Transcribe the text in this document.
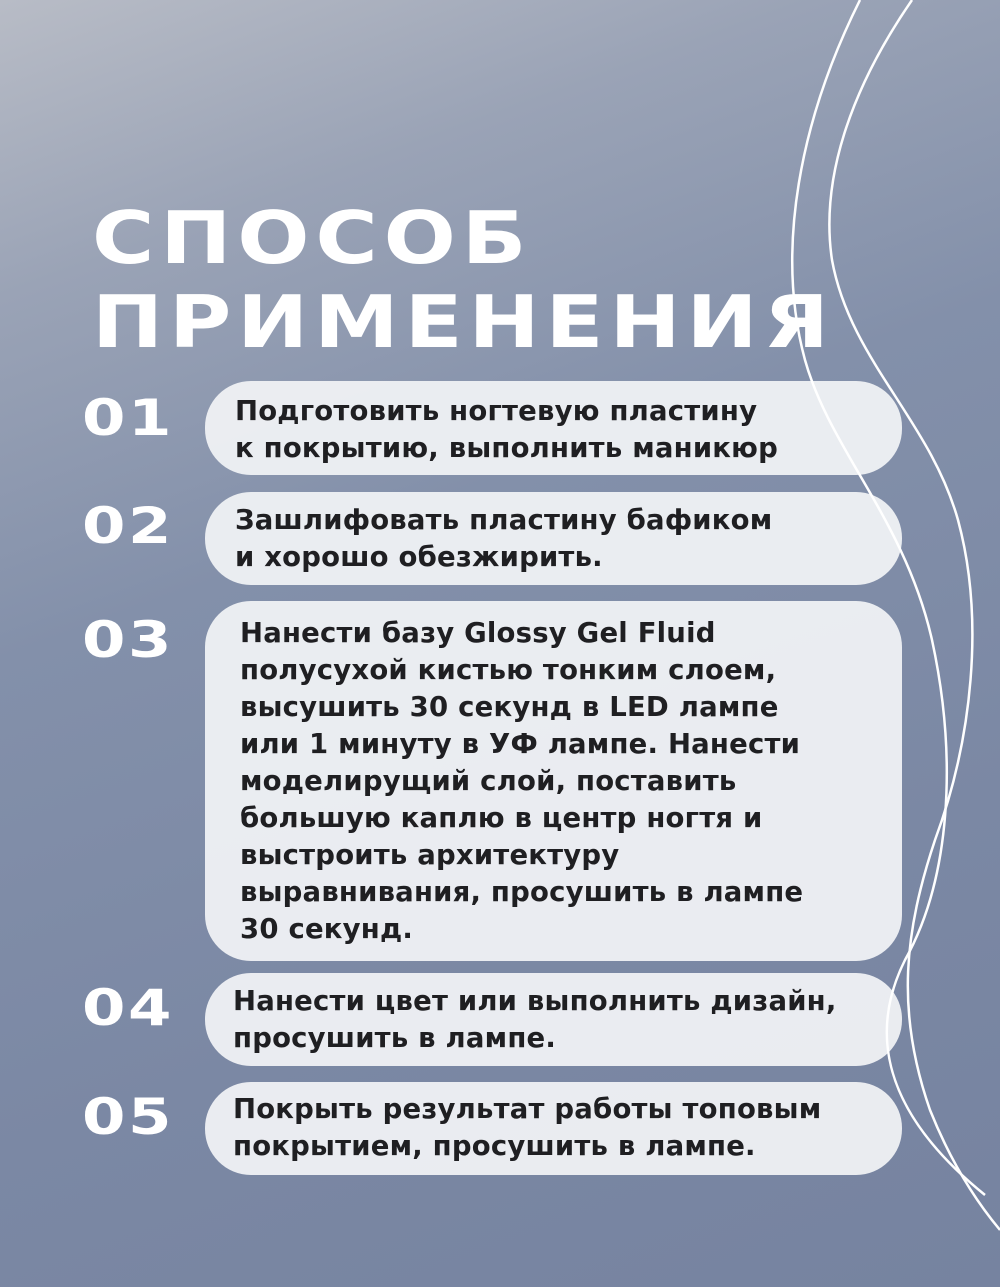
СПОСОБ
ПРИМЕНЕНИЯ
01 Подготовить ногтевую пластину
к покрытию, выполнить маникюр

02 Зашлифовать пластину бафиком
и хорошо обезжирить.

03 Нанести базу Glossy Gel Fluid
полусухой кистью тонким слоем,
высушить 30 секунд в LED лампе
или 1 минуту в УФ лампе. Нанести
моделирущий слой, поставить
большую каплю в центр ногтя и
выстроить архитектуру
выравнивания, просушить в лампе
30 секунд.

04 Нанести цвет или выполнить дизайн,
просушить в лампе.

05 Покрыть результат работы топовым
покрытием, просушить в лампе.
